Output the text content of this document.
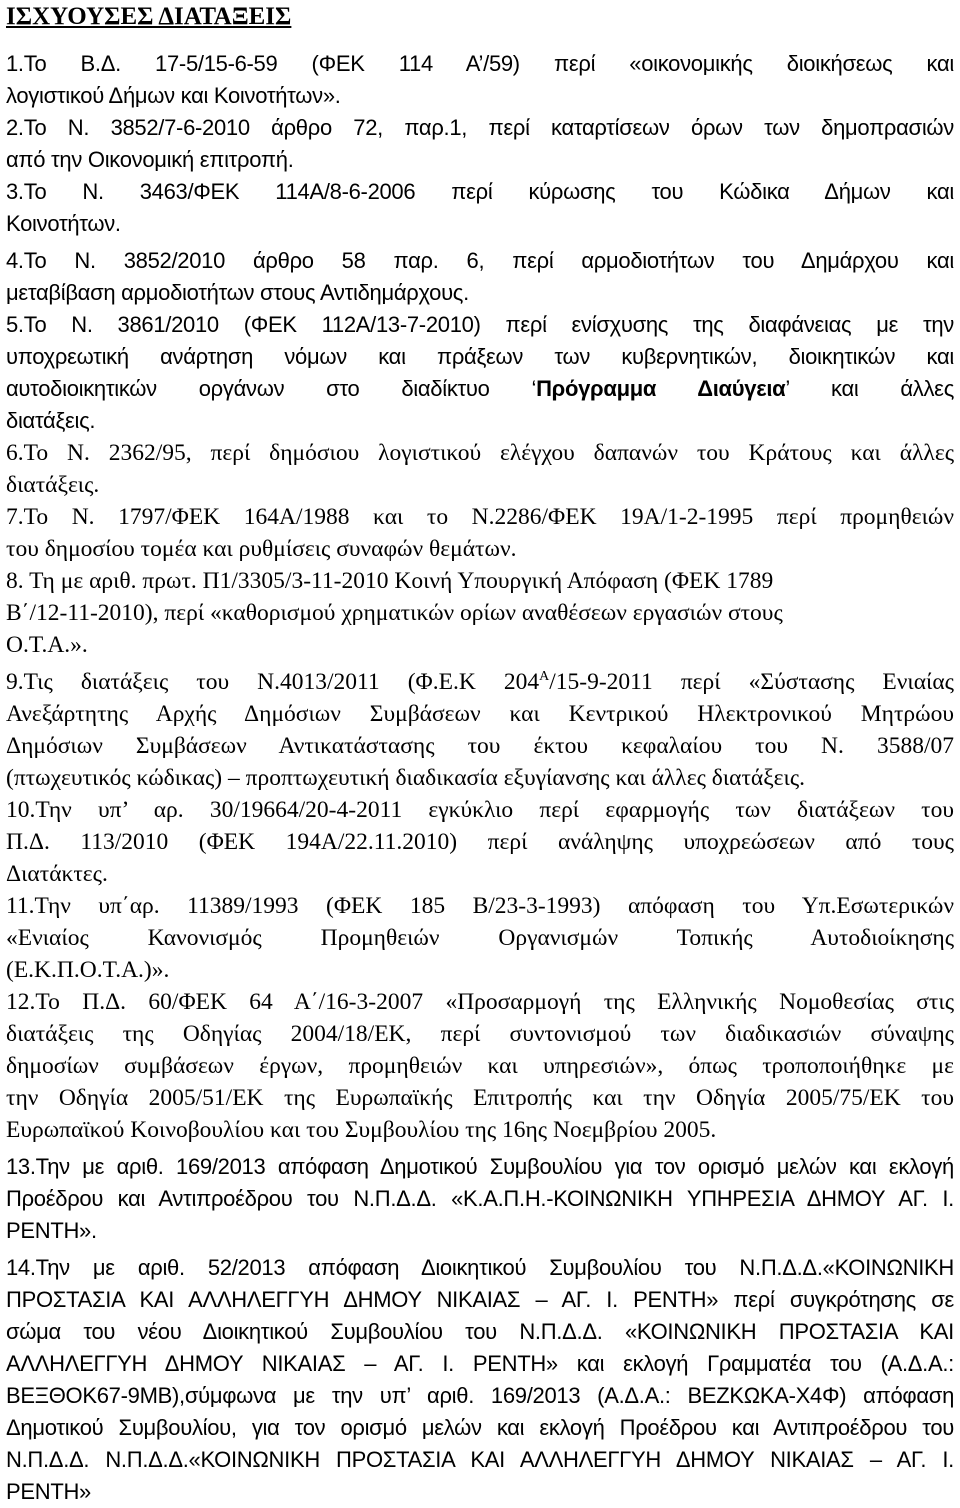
ΙΣΧΥΟΥΣΕΣ ΔΙΑΤΑΞΕΙΣ

1.Το Β.Δ. 17-5/15-6-59 (ΦΕΚ 114 Α’/59) περί «οικονομικής διοικήσεως και

λογιστικού Δήμων και Κοινοτήτων».

2.Το Ν. 3852/7-6-2010 άρθρο 72, παρ.1, περί καταρτίσεων όρων των δημοπρασιών

από την Οικονομική επιτροπή.

3.Το Ν. 3463/ΦΕΚ 114Α/8-6-2006 περί κύρωσης του Κώδικα Δήμων και

Κοινοτήτων.

4.Το Ν. 3852/2010 άρθρο 58 παρ. 6, περί αρμοδιοτήτων του Δημάρχου και

μεταβίβαση αρμοδιοτήτων στους Αντιδημάρχους.

5.Το Ν. 3861/2010 (ΦΕΚ 112Α/13-7-2010) περί ενίσχυσης της διαφάνειας με την

υποχρεωτική ανάρτηση νόμων και πράξεων των κυβερνητικών, διοικητικών και

αυτοδιοικητικών οργάνων στο διαδίκτυο ‘Πρόγραμμα Διαύγεια’ και άλλες

διατάξεις.

6.Το Ν. 2362/95, περί δημόσιου λογιστικού ελέγχου δαπανών του Κράτους και άλλες

διατάξεις.

7.Το Ν. 1797/ΦΕΚ 164Α/1988 και το Ν.2286/ΦΕΚ 19Α/1-2-1995 περί προμηθειών

του δημοσίου τομέα και ρυθμίσεις συναφών θεμάτων.

8. Τη με αριθ. πρωτ. Π1/3305/3-11-2010 Κοινή Υπουργική Απόφαση (ΦΕΚ 1789

Β΄/12-11-2010), περί «καθορισμού χρηματικών ορίων αναθέσεων εργασιών στους

Ο.Τ.Α.».

9.Τις διατάξεις του Ν.4013/2011 (Φ.Ε.Κ $204^A/15-9-2011$ περί «Σύστασης Ενιαίας

Ανεξάρτητης Αρχής Δημόσιων Συμβάσεων και Κεντρικού Ηλεκτρονικού Μητρώου

Δημόσιων Συμβάσεων Αντικατάστασης του έκτου κεφαλαίου του Ν. 3588/07

(πτωχευτικός κώδικας) – προπτωχευτική διαδικασία εξυγίανσης και άλλες διατάξεις.

10.Την υπ’ αρ. 30/19664/20-4-2011 εγκύκλιο περί εφαρμογής των διατάξεων του

Π.Δ. 113/2010 (ΦΕΚ 194Α/22.11.2010) περί ανάληψης υποχρεώσεων από τους

Διατάκτες.

11.Την υπ΄αρ. 11389/1993 (ΦΕΚ 185 Β/23-3-1993) απόφαση του Υπ.Εσωτερικών

«Ενιαίος Κανονισμός Προμηθειών Οργανισμών Τοπικής Αυτοδιοίκησης

(Ε.Κ.Π.Ο.Τ.Α.)».

12.Το Π.Δ. 60/ΦΕΚ 64 Α΄/16-3-2007 «Προσαρμογή της Ελληνικής Νομοθεσίας στις

διατάξεις της Οδηγίας 2004/18/ΕΚ, περί συντονισμού των διαδικασιών σύναψης

δημοσίων συμβάσεων έργων, προμηθειών και υπηρεσιών», όπως τροποποιήθηκε με

την Οδηγία 2005/51/ΕΚ της Ευρωπαϊκής Επιτροπής και την Οδηγία 2005/75/ΕΚ του

Ευρωπαϊκού Κοινοβουλίου και του Συμβουλίου της 16ης Νοεμβρίου 2005.

13.Την με αριθ. 169/2013 απόφαση Δημοτικού Συμβουλίου για τον ορισμό μελών και εκλογή

Προέδρου και Αντιπροέδρου του Ν.Π.Δ.Δ. «Κ.Α.Π.Η.-ΚΟΙΝΩΝΙΚΗ ΥΠΗΡΕΣΙΑ ΔΗΜΟΥ ΑΓ. Ι.

ΡΕΝΤΗ».

14.Την με αριθ. 52/2013 απόφαση Διοικητικού Συμβουλίου του Ν.Π.Δ.Δ.«ΚΟΙΝΩΝΙΚΗ

ΠΡΟΣΤΑΣΙΑ ΚΑΙ ΑΛΛΗΛΕΓΓΥΗ ΔΗΜΟΥ ΝΙΚΑΙΑΣ – ΑΓ. Ι. ΡΕΝΤΗ» περί συγκρότησης σε

σώμα του νέου Διοικητικού Συμβουλίου του Ν.Π.Δ.Δ. «ΚΟΙΝΩΝΙΚΗ ΠΡΟΣΤΑΣΙΑ ΚΑΙ

ΑΛΛΗΛΕΓΓΥΗ ΔΗΜΟΥ ΝΙΚΑΙΑΣ – ΑΓ. Ι. ΡΕΝΤΗ» και εκλογή Γραμματέα του (Α.Δ.Α.:

ΒΕΞΘΟΚ67-9ΜΒ),σύμφωνα με την υπ’ αριθ. 169/2013 (Α.Δ.Α.: ΒΕΖΚΩΚΑ-Χ4Φ) απόφαση

Δημοτικού Συμβουλίου, για τον ορισμό μελών και εκλογή Προέδρου και Αντιπροέδρου του

Ν.Π.Δ.Δ. Ν.Π.Δ.Δ.«ΚΟΙΝΩΝΙΚΗ ΠΡΟΣΤΑΣΙΑ ΚΑΙ ΑΛΛΗΛΕΓΓΥΗ ΔΗΜΟΥ ΝΙΚΑΙΑΣ – ΑΓ. Ι.

ΡΕΝΤΗ»
